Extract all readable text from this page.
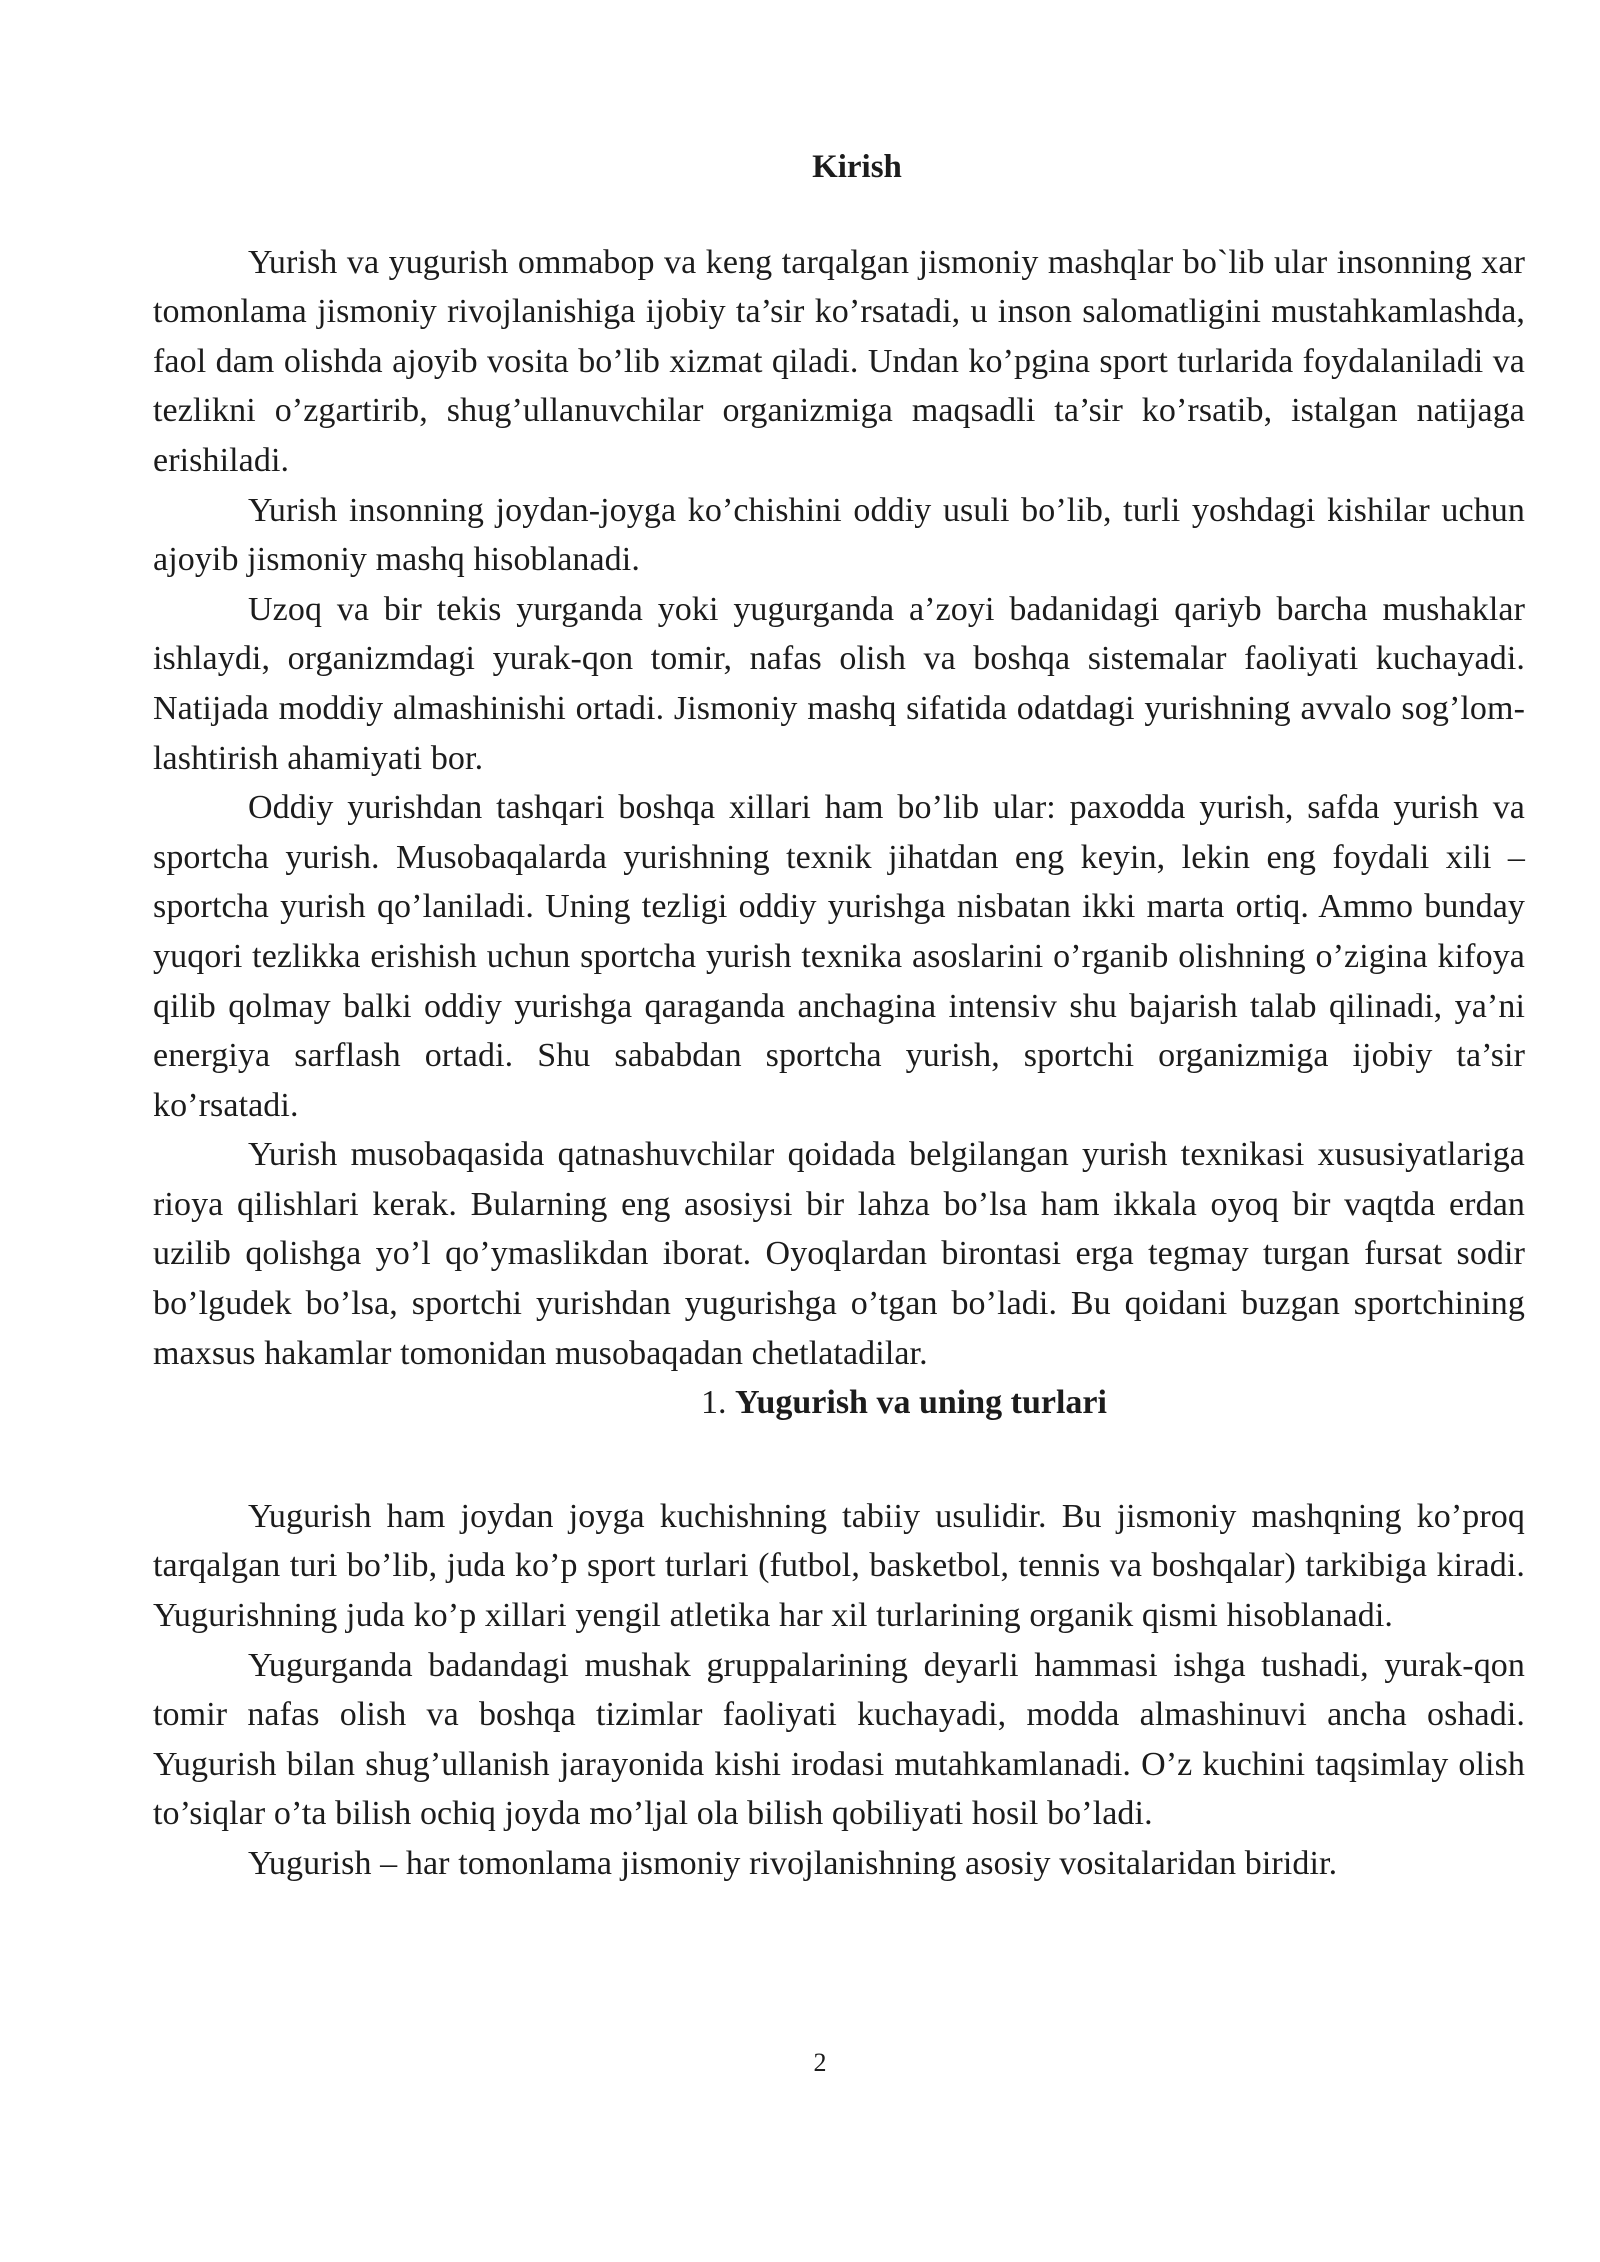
Kirish

Yurish va yugurish ommabop va keng tarqalgan jismoniy mashqlar bo`lib ular insonning xar tomonlama jismoniy rivojlanishiga ijobiy ta’sir ko’rsatadi, u inson salomatligini mustahkamlashda, faol dam olishda ajoyib vosita bo’lib xizmat qiladi. Undan ko’pgina sport turlarida foydalaniladi va tezlikni o’zgartirib, shug’ullanuvchilar organizmiga maqsadli ta’sir ko’rsatib, istalgan natijaga erishiladi.

Yurish insonning joydan-joyga ko’chishini oddiy usuli bo’lib, turli yoshdagi kishilar uchun ajoyib jismoniy mashq hisoblanadi.

Uzoq va bir tekis yurganda yoki yugurganda a’zoyi badanidagi qariyb barcha mushaklar ishlaydi, organizmdagi yurak-qon tomir, nafas olish va boshqa sistemalar faoliyati kuchayadi. Natijada moddiy almashinishi ortadi. Jismoniy mashq sifatida odatdagi yurishning avvalo sog’lom-lashtirish ahamiyati bor.

Oddiy yurishdan tashqari boshqa xillari ham bo’lib ular: paxodda yurish, safda yurish va sportcha yurish. Musobaqalarda yurishning texnik jihatdan eng keyin, lekin eng foydali xili – sportcha yurish qo’laniladi. Uning tezligi oddiy yurishga nisbatan ikki marta ortiq. Ammo bunday yuqori tezlikka erishish uchun sportcha yurish texnika asoslarini o’rganib olishning o’zigina kifoya qilib qolmay balki oddiy yurishga qaraganda anchagina intensiv shu bajarish talab qilinadi, ya’ni energiya sarflash ortadi. Shu sababdan sportcha yurish, sportchi organizmiga ijobiy ta’sir ko’rsatadi.

Yurish musobaqasida qatnashuvchilar qoidada belgilangan yurish texnikasi xususiyatlariga rioya qilishlari kerak. Bularning eng asosiysi bir lahza bo’lsa ham ikkala oyoq bir vaqtda erdan uzilib qolishga yo’l qo’ymaslikdan iborat. Oyoqlardan birontasi erga tegmay turgan fursat sodir bo’lgudek bo’lsa, sportchi yurishdan yugurishga o’tgan bo’ladi. Bu qoidani buzgan sportchining maxsus hakamlar tomonidan musobaqadan chetlatadilar.

1. Yugurish va uning turlari

Yugurish ham joydan joyga kuchishning tabiiy usulidir. Bu jismoniy mashqning ko’proq tarqalgan turi bo’lib, juda ko’p sport turlari (futbol, basketbol, tennis va boshqalar) tarkibiga kiradi. Yugurishning juda ko’p xillari yengil atletika har xil turlarining organik qismi hisoblanadi.

Yugurganda badandagi mushak gruppalarining deyarli hammasi ishga tushadi, yurak-qon tomir nafas olish va boshqa tizimlar faoliyati kuchayadi, modda almashinuvi ancha oshadi. Yugurish bilan shug’ullanish jarayonida kishi irodasi mutahkamlanadi. O’z kuchini taqsimlay olish to’siqlar o’ta bilish ochiq joyda mo’ljal ola bilish qobiliyati hosil bo’ladi.

Yugurish – har tomonlama jismoniy rivojlanishning asosiy vositalaridan biridir.

2
